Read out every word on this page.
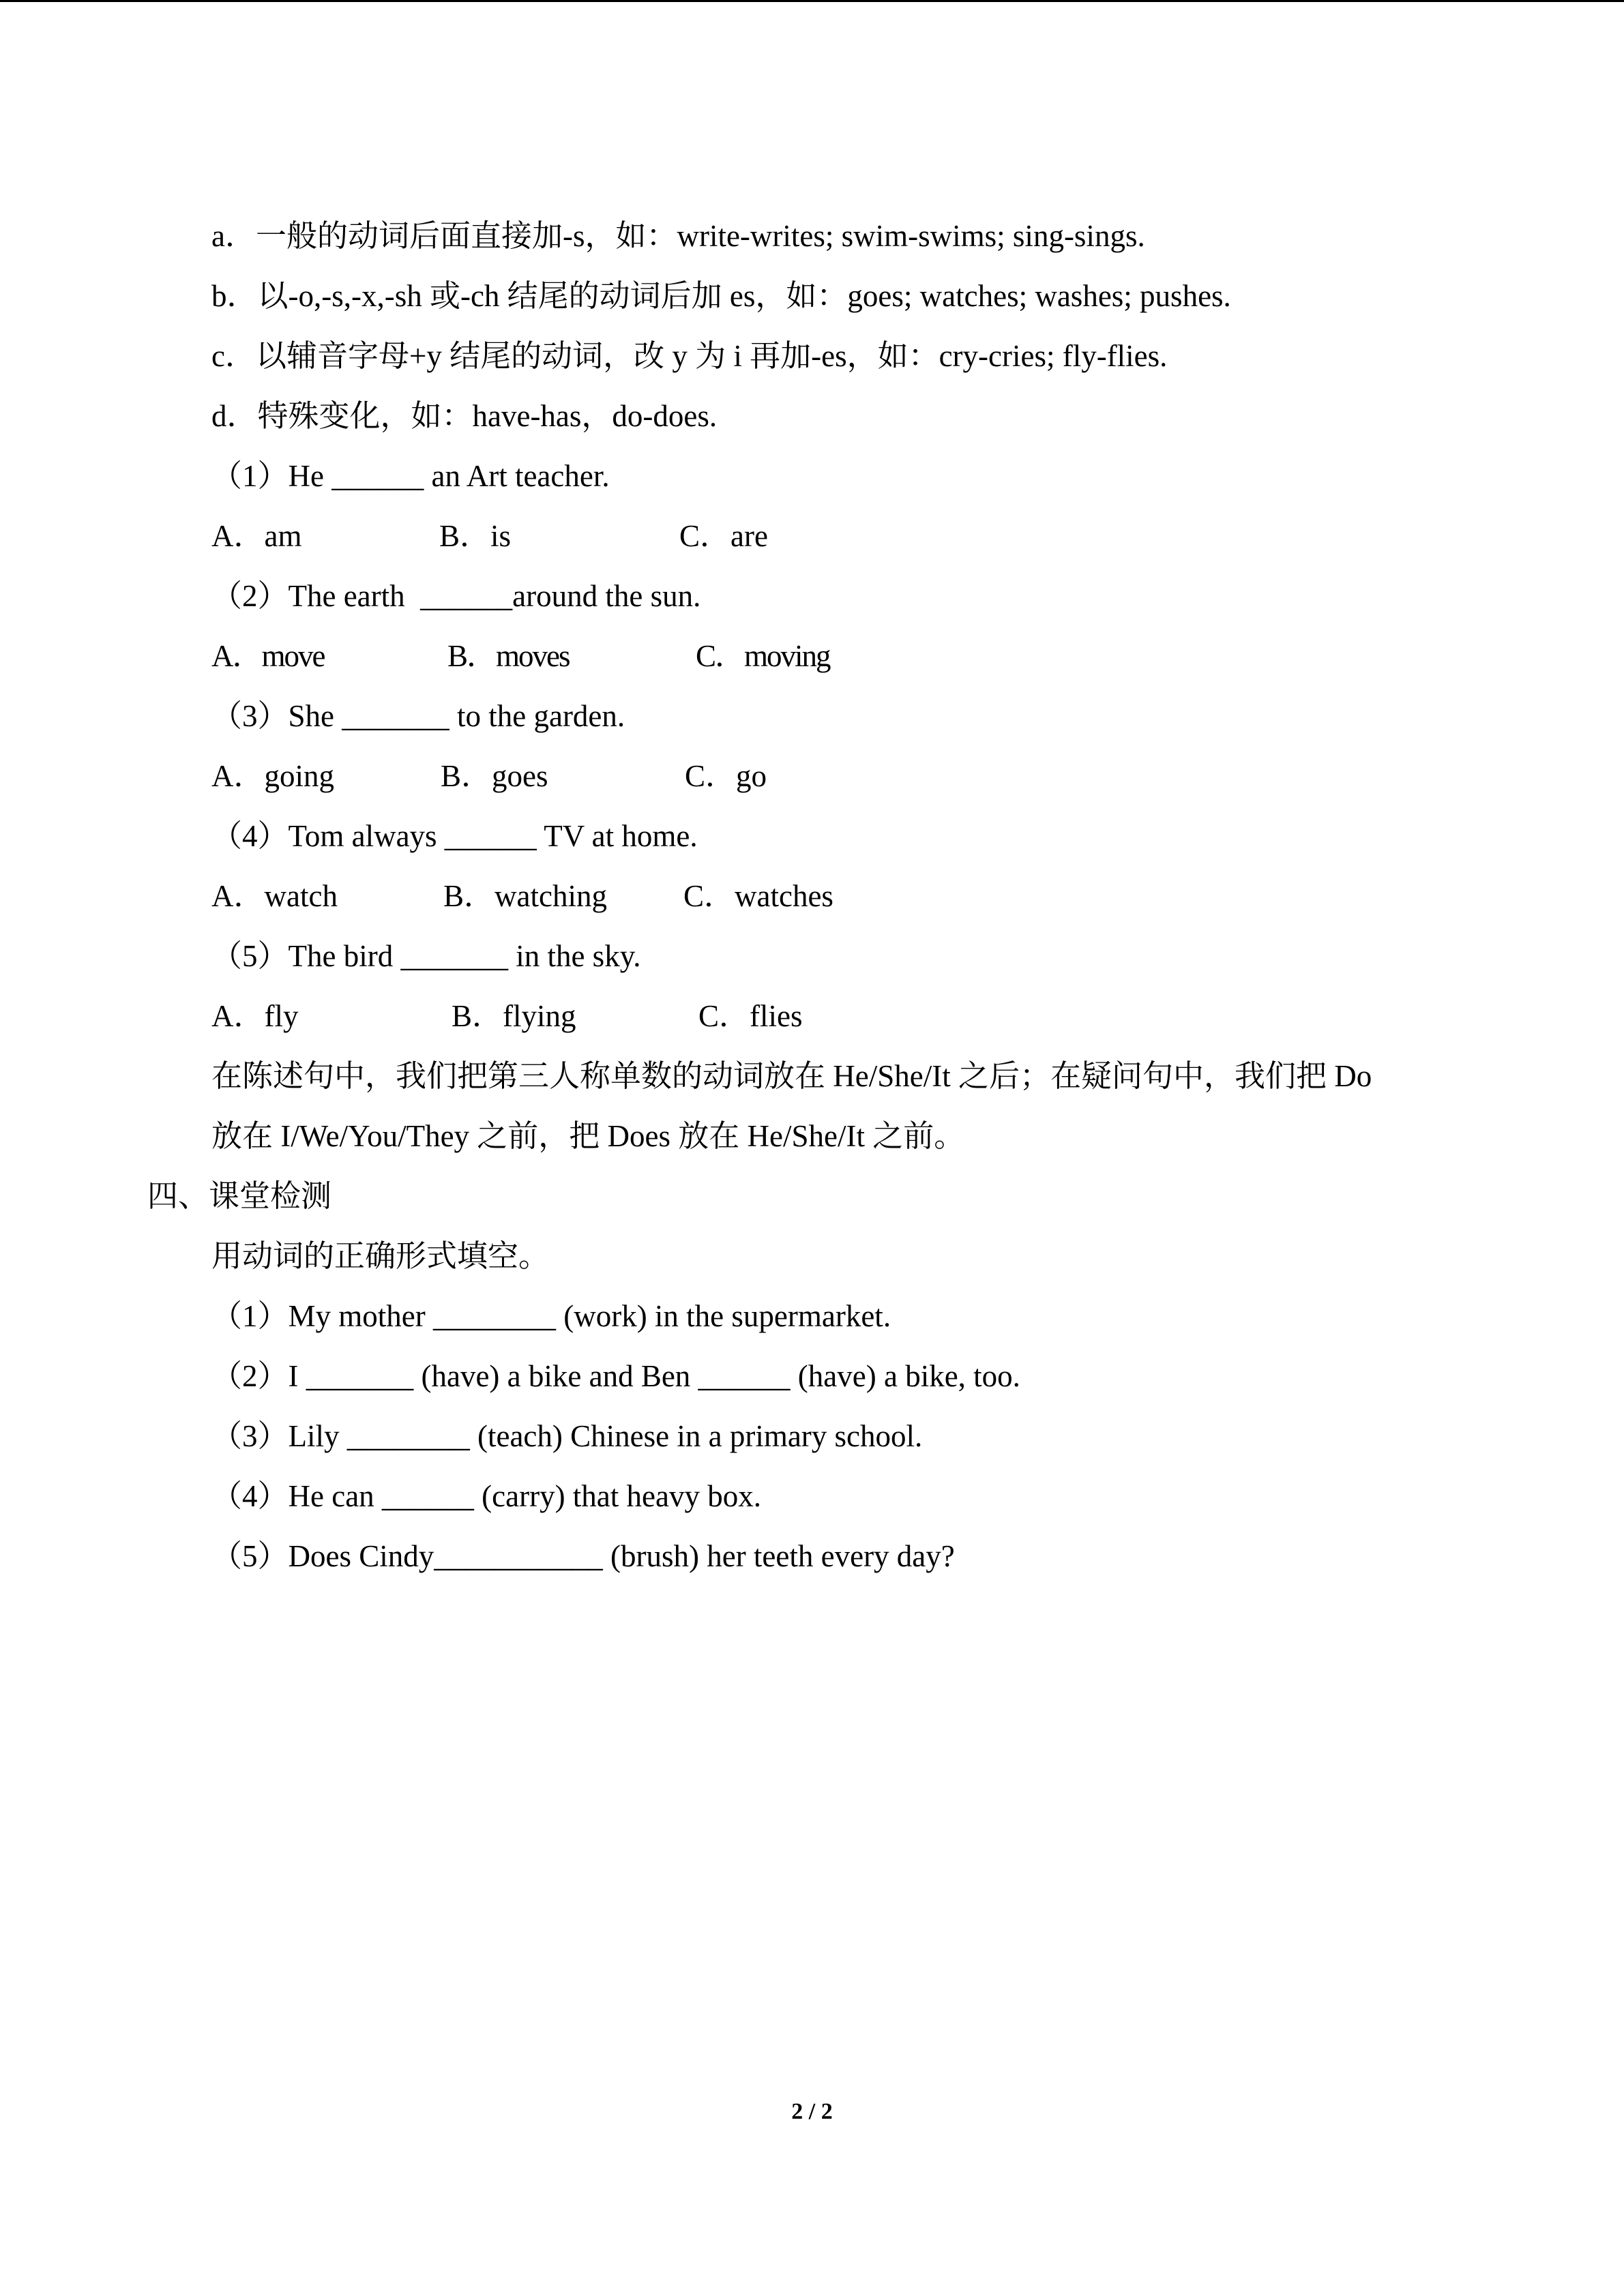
a．一般的动词后面直接加-s，如：write-writes; swim-swims; sing-sings.
b．以-o,-s,-x,-sh 或-ch 结尾的动词后加 es，如：goes; watches; washes; pushes.
c．以辅音字母+y 结尾的动词，改 y 为 i 再加-es，如：cry-cries; fly-flies.
d．特殊变化，如：have-has，do-does.
（1）He ______ an Art teacher.
A．am	B．is	C．are
（2）The earth  ______around the sun.
A．move	B．moves	C．moving
（3）She _______ to the garden.
A．going	B．goes	C．go
（4）Tom always ______ TV at home.
A．watch	B．watching C．watches
（5）The bird _______ in the sky.
A．fly	B．flying	C．flies
在陈述句中，我们把第三人称单数的动词放在 He/She/It 之后；在疑问句中，我们把 Do
放在 I/We/You/They 之前，把 Does 放在 He/She/It 之前。
四、课堂检测
用动词的正确形式填空。
（1）My mother ________ (work) in the supermarket.
（2）I _______ (have) a bike and Ben ______ (have) a bike, too.
（3）Lily ________ (teach) Chinese in a primary school.
（4）He can ______ (carry) that heavy box.
（5）Does Cindy___________ (brush) her teeth every day?
2 / 2
